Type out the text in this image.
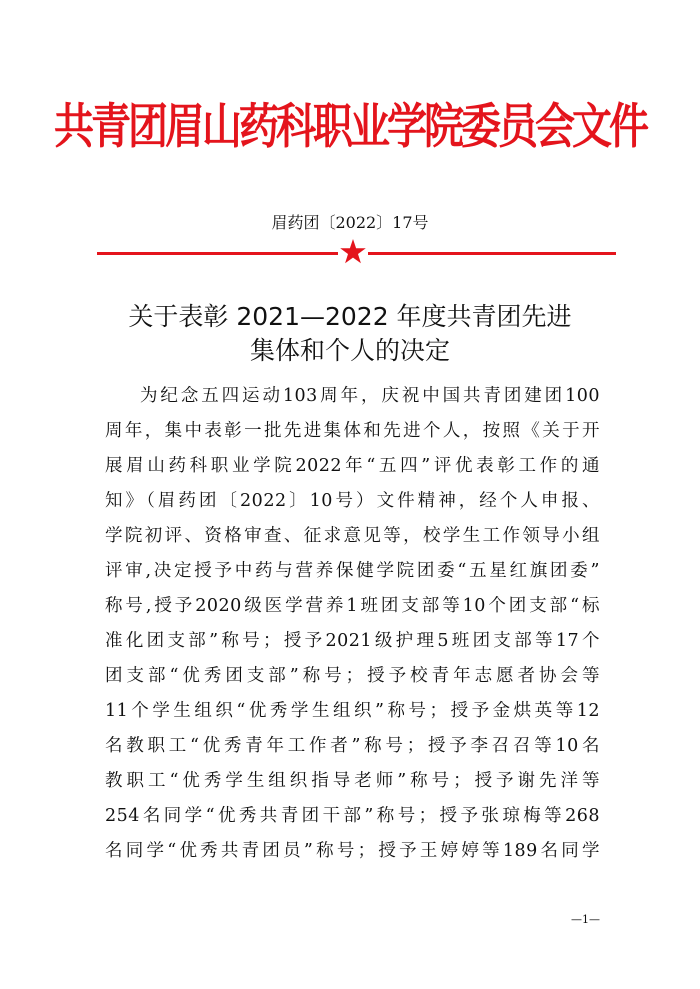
共青团眉山药科职业学院委员会文件
眉药团〔2022〕17号
关于表彰 2021—2022 年度共青团先进
集体和个人的决定
为纪念五四运动103周年，庆祝中国共青团建团100
周年，集中表彰一批先进集体和先进个人，按照《关于开
展眉山药科职业学院2022年“五四”评优表彰工作的通
知》（眉药团〔2022〕10号）文件精神，经个人申报、
学院初评、资格审查、征求意见等，校学生工作领导小组
评审,决定授予中药与营养保健学院团委“五星红旗团委”
称号,授予2020级医学营养1班团支部等10个团支部“标
准化团支部”称号；授予2021级护理5班团支部等17个
团支部“优秀团支部”称号；授予校青年志愿者协会等
11个学生组织“优秀学生组织”称号；授予金烘英等12
名教职工“优秀青年工作者”称号；授予李召召等10名
教职工“优秀学生组织指导老师”称号；授予谢先洋等
254名同学“优秀共青团干部”称号；授予张琼梅等268
名同学“优秀共青团员”称号；授予王婷婷等189名同学
—1—
